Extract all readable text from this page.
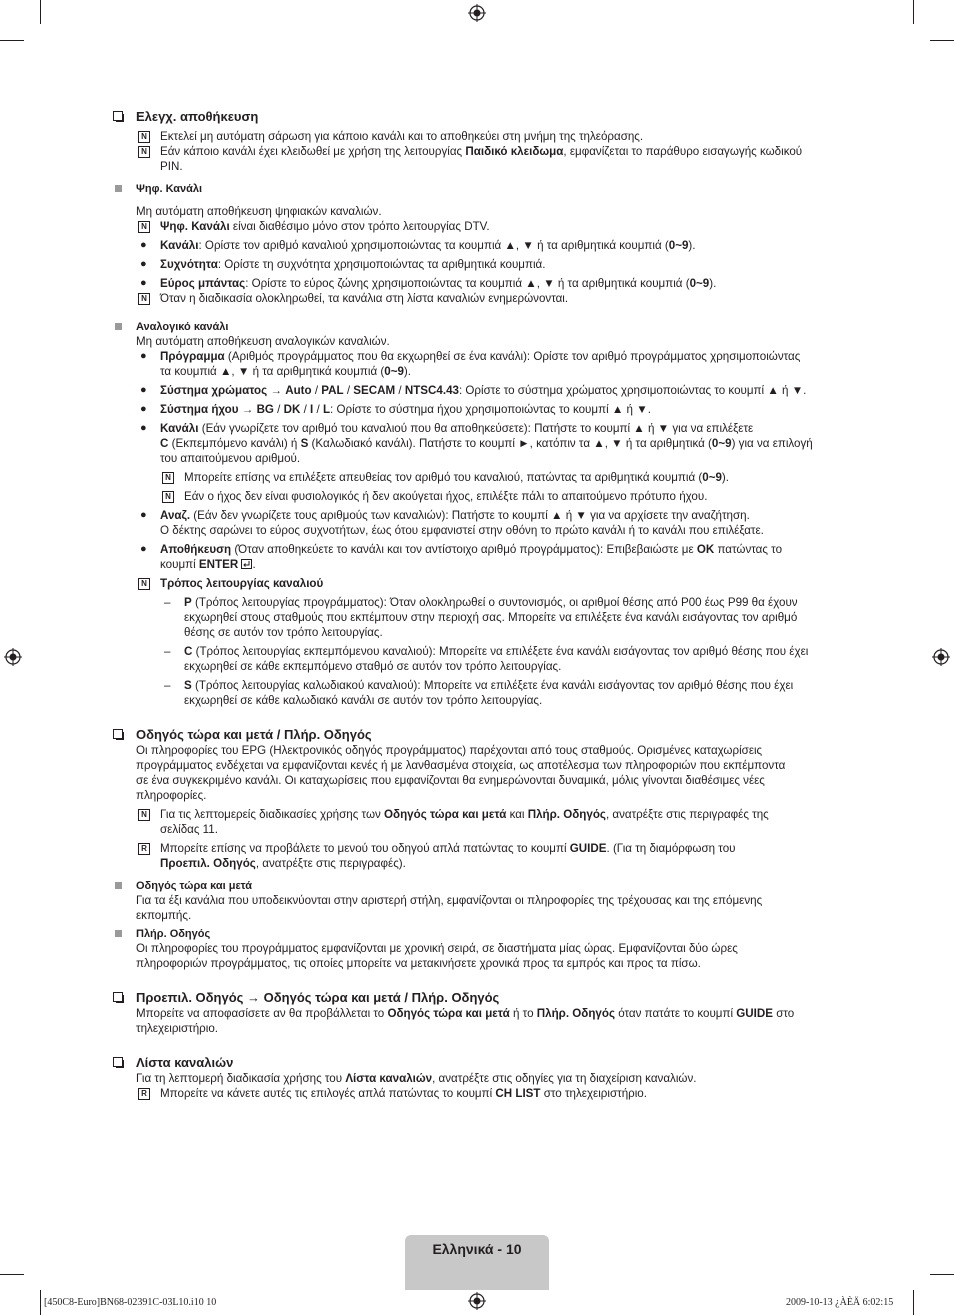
Ελεγχ. αποθήκευση
N Εκτελεί μη αυτόματη σάρωση για κάποιο κανάλι και το αποθηκεύει στη μνήμη της τηλεόρασης.
N Εάν κάποιο κανάλι έχει κλειδωθεί με χρήση της λειτουργίας Παιδικό κλειδωμα, εμφανίζεται το παράθυρο εισαγωγής κωδικού
PIN.
Ψηφ. Κανάλι
Μη αυτόματη αποθήκευση ψηφιακών καναλιών.
N Ψηφ. Κανάλι είναι διαθέσιμο μόνο στον τρόπο λειτουργίας DTV.
● Κανάλι: Ορίστε τον αριθμό καναλιού χρησιμοποιώντας τα κουμπιά ▲, ▼ ή τα αριθμητικά κουμπιά (0~9).
● Συχνότητα: Ορίστε τη συχνότητα χρησιμοποιώντας τα αριθμητικά κουμπιά.
● Εύρος μπάντας: Ορίστε το εύρος ζώνης χρησιμοποιώντας τα κουμπιά ▲, ▼ ή τα αριθμητικά κουμπιά (0~9).
N Όταν η διαδικασία ολοκληρωθεί, τα κανάλια στη λίστα καναλιών ενημερώνονται.
Αναλογικό κανάλι
Μη αυτόματη αποθήκευση αναλογικών καναλιών.
● Πρόγραμμα (Αριθμός προγράμματος που θα εκχωρηθεί σε ένα κανάλι): Ορίστε τον αριθμό προγράμματος χρησιμοποιώντας
τα κουμπιά ▲, ▼ ή τα αριθμητικά κουμπιά (0~9).
● Σύστημα χρώματος → Auto / PAL / SECAM / NTSC4.43: Ορίστε το σύστημα χρώματος χρησιμοποιώντας το κουμπί ▲ ή ▼.
● Σύστημα ήχου → BG / DK / I / L: Ορίστε το σύστημα ήχου χρησιμοποιώντας το κουμπί ▲ ή ▼.
● Κανάλι (Εάν γνωρίζετε τον αριθμό του καναλιού που θα αποθηκεύσετε): Πατήστε το κουμπί ▲ ή ▼ για να επιλέξετε
C (Εκπεμπόμενο κανάλι) ή S (Καλωδιακό κανάλι). Πατήστε το κουμπί ►, κατόπιν τα ▲, ▼ ή τα αριθμητικά (0~9) για να επιλογή
του απαιτούμενου αριθμού.
N Μπορείτε επίσης να επιλέξετε απευθείας τον αριθμό του καναλιού, πατώντας τα αριθμητικά κουμπιά (0~9).
N Εάν ο ήχος δεν είναι φυσιολογικός ή δεν ακούγεται ήχος, επιλέξτε πάλι το απαιτούμενο πρότυπο ήχου.
● Αναζ. (Εάν δεν γνωρίζετε τους αριθμούς των καναλιών): Πατήστε το κουμπί ▲ ή ▼ για να αρχίσετε την αναζήτηση.
Ο δέκτης σαρώνει το εύρος συχνοτήτων, έως ότου εμφανιστεί στην οθόνη το πρώτο κανάλι ή το κανάλι που επιλέξατε.
● Αποθήκευση (Όταν αποθηκεύετε το κανάλι και τον αντίστοιχο αριθμό προγράμματος): Επιβεβαιώστε με OK πατώντας το
κουμπί ENTER .
N Τρόπος λειτουργίας καναλιού
– P (Τρόπος λειτουργίας προγράμματος): Όταν ολοκληρωθεί ο συντονισμός, οι αριθμοί θέσης από P00 έως P99 θα έχουν
εκχωρηθεί στους σταθμούς που εκπέμπουν στην περιοχή σας. Μπορείτε να επιλέξετε ένα κανάλι εισάγοντας τον αριθμό
θέσης σε αυτόν τον τρόπο λειτουργίας.
– C (Τρόπος λειτουργίας εκπεμπόμενου καναλιού): Μπορείτε να επιλέξετε ένα κανάλι εισάγοντας τον αριθμό θέσης που έχει
εκχωρηθεί σε κάθε εκπεμπόμενο σταθμό σε αυτόν τον τρόπο λειτουργίας.
– S (Τρόπος λειτουργίας καλωδιακού καναλιού): Μπορείτε να επιλέξετε ένα κανάλι εισάγοντας τον αριθμό θέσης που έχει
εκχωρηθεί σε κάθε καλωδιακό κανάλι σε αυτόν τον τρόπο λειτουργίας.
Οδηγός τώρα και μετά / Πλήρ. Οδηγός
Οι πληροφορίες του EPG (Ηλεκτρονικός οδηγός προγράμματος) παρέχονται από τους σταθμούς. Ορισμένες καταχωρίσεις
προγράμματος ενδέχεται να εμφανίζονται κενές ή με λανθασμένα στοιχεία, ως αποτέλεσμα των πληροφοριών που εκπέμποντα
σε ένα συγκεκριμένο κανάλι. Οι καταχωρίσεις που εμφανίζονται θα ενημερώνονται δυναμικά, μόλις γίνονται διαθέσιμες νέες
πληροφορίες.
N Για τις λεπτομερείς διαδικασίες χρήσης των Οδηγός τώρα και μετά και Πλήρ. Οδηγός, ανατρέξτε στις περιγραφές της
σελίδας 11.
R Μπορείτε επίσης να προβάλετε το μενού του οδηγού απλά πατώντας το κουμπί GUIDE. (Για τη διαμόρφωση του
Προεπιλ. Οδηγός, ανατρέξτε στις περιγραφές).
Οδηγός τώρα και μετά
Για τα έξι κανάλια που υποδεικνύονται στην αριστερή στήλη, εμφανίζονται οι πληροφορίες της τρέχουσας και της επόμενης
εκπομπής.
Πλήρ. Οδηγός
Οι πληροφορίες του προγράμματος εμφανίζονται με χρονική σειρά, σε διαστήματα μίας ώρας. Εμφανίζονται δύο ώρες
πληροφοριών προγράμματος, τις οποίες μπορείτε να μετακινήσετε χρονικά προς τα εμπρός και προς τα πίσω.
Προεπιλ. Οδηγός → Οδηγός τώρα και μετά / Πλήρ. Οδηγός
Μπορείτε να αποφασίσετε αν θα προβάλλεται το Οδηγός τώρα και μετά ή το Πλήρ. Οδηγός όταν πατάτε το κουμπί GUIDE στο
τηλεχειριστήριο.
Λίστα καναλιών
Για τη λεπτομερή διαδικασία χρήσης του Λίστα καναλιών, ανατρέξτε στις οδηγίες για τη διαχείριση καναλιών.
R Μπορείτε να κάνετε αυτές τις επιλογές απλά πατώντας το κουμπί CH LIST στο τηλεχειριστήριο.
Ελληνικά - 10
[450C8-Euro]BN68-02391C-03L10.i10 10	2009-10-13 ¿ÀÈÄ 6:02:15
